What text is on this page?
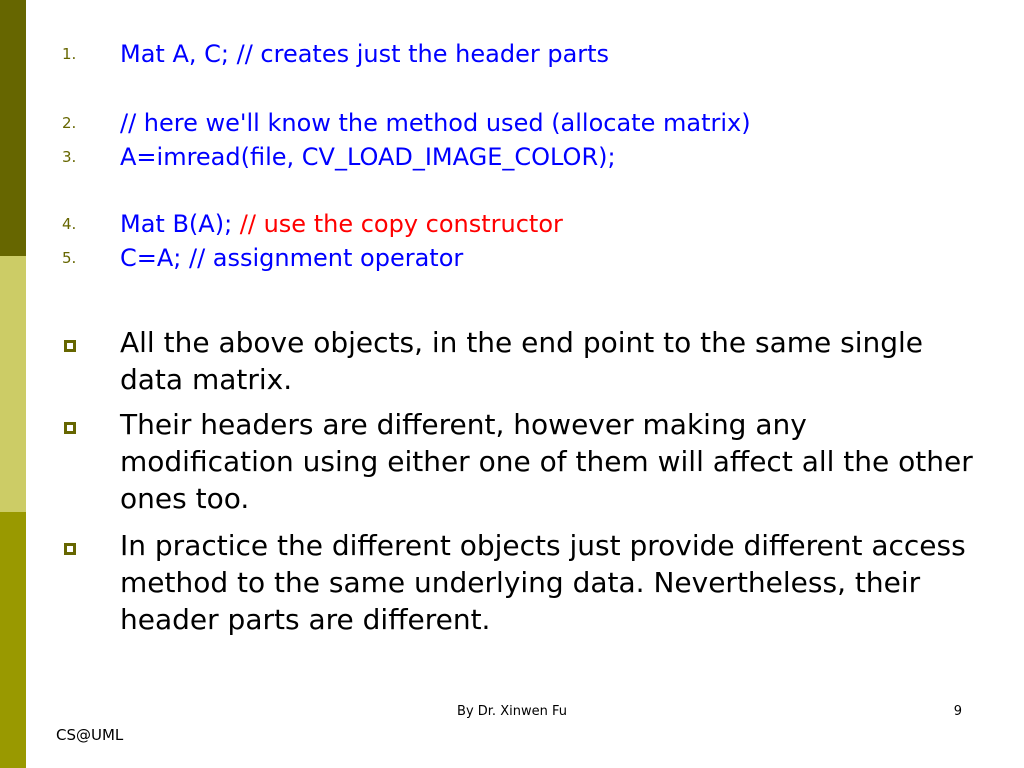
1.	Mat A, C; // creates just the header parts
2.	// here we'll know the method used (allocate matrix)
3.	A=imread(file, CV_LOAD_IMAGE_COLOR);
4.	Mat B(A); // use the copy constructor
5.	C=A; // assignment operator
All the above objects, in the end point to the same single data matrix.
Their headers are different, however making any modification using either one of them will affect all the other ones too.
In practice the different objects just provide different access method to the same underlying data. Nevertheless, their header parts are different.
By Dr. Xinwen Fu	9
CS@UML
